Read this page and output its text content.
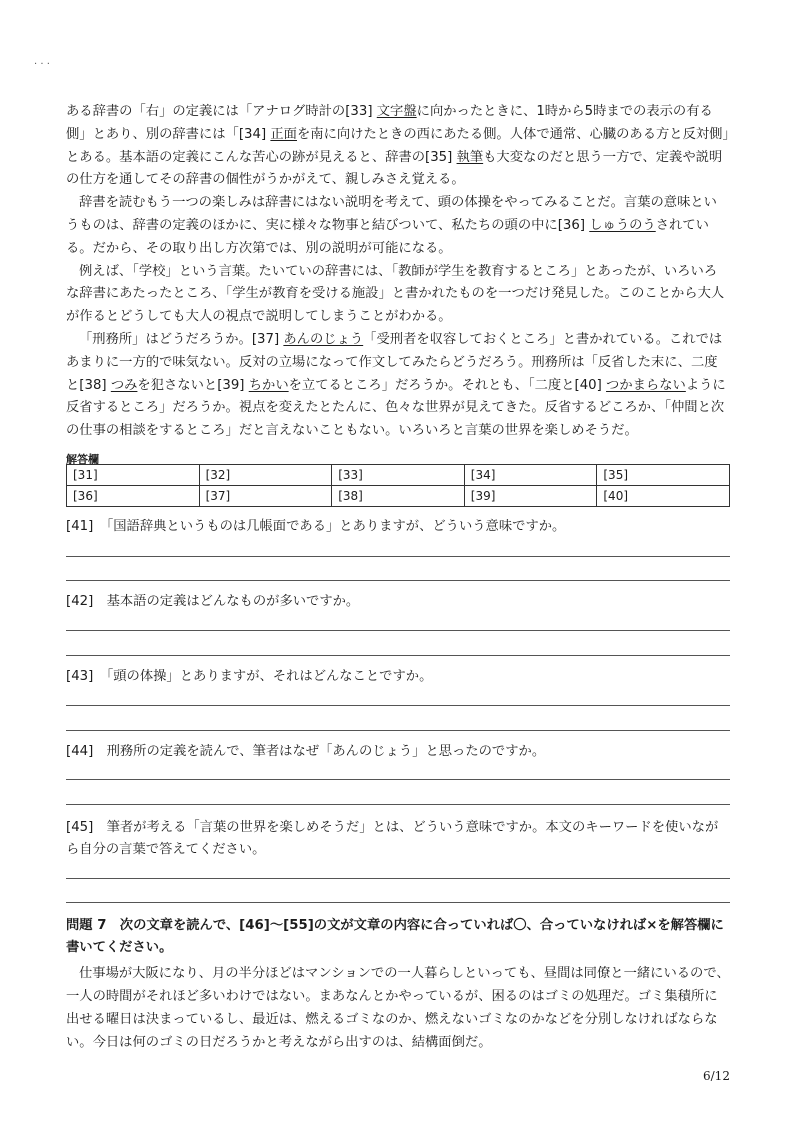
· · ·

ある辞書の「右」の定義には「アナログ時計の[33] 文字盤に向かったときに、1時から5時までの表示の有る側」とあり、別の辞書には「[34] 正面を南に向けたときの西にあたる側。人体で通常、心臓のある方と反対側」とある。基本語の定義にこんな苦心の跡が見えると、辞書の[35] 執筆も大変なのだと思う一方で、定義や説明の仕方を通してその辞書の個性がうかがえて、親しみさえ覚える。

辞書を読むもう一つの楽しみは辞書にはない説明を考えて、頭の体操をやってみることだ。言葉の意味というものは、辞書の定義のほかに、実に様々な物事と結びついて、私たちの頭の中に[36] しゅうのうされている。だから、その取り出し方次第では、別の説明が可能になる。

例えば、「学校」という言葉。たいていの辞書には、「教師が学生を教育するところ」とあったが、いろいろな辞書にあたったところ、「学生が教育を受ける施設」と書かれたものを一つだけ発見した。このことから大人が作るとどうしても大人の視点で説明してしまうことがわかる。

「刑務所」はどうだろうか。[37] あんのじょう「受刑者を収容しておくところ」と書かれている。これではあまりに一方的で味気ない。反対の立場になって作文してみたらどうだろう。刑務所は「反省した末に、二度と[38] つみを犯さないと[39] ちかいを立てるところ」だろうか。それとも、「二度と[40] つかまらないように反省するところ」だろうか。視点を変えたとたんに、色々な世界が見えてきた。反省するどころか、「仲間と次の仕事の相談をするところ」だと言えないこともない。いろいろと言葉の世界を楽しめそうだ。

解答欄
[31]	[32]	[33]	[34]	[35]
[36]	[37]	[38]	[39]	[40]
[41]　「国語辞典というものは几帳面である」とありますが、どういう意味ですか。
[42]　基本語の定義はどんなものが多いですか。
[43]　「頭の体操」とありますが、それはどんなことですか。
[44]　刑務所の定義を読んで、筆者はなぜ「あんのじょう」と思ったのですか。
[45]　筆者が考える「言葉の世界を楽しめそうだ」とは、どういう意味ですか。本文のキーワードを使いながら自分の言葉で答えてください。
問題 7　次の文章を読んで、[46]〜[55]の文が文章の内容に合っていれば〇、合っていなければ×を解答欄に書いてください。

仕事場が大阪になり、月の半分ほどはマンションでの一人暮らしといっても、昼間は同僚と一緒にいるので、一人の時間がそれほど多いわけではない。まあなんとかやっているが、困るのはゴミの処理だ。ゴミ集積所に出せる曜日は決まっているし、最近は、燃えるゴミなのか、燃えないゴミなのかなどを分別しなければならない。今日は何のゴミの日だろうかと考えながら出すのは、結構面倒だ。

6/12
